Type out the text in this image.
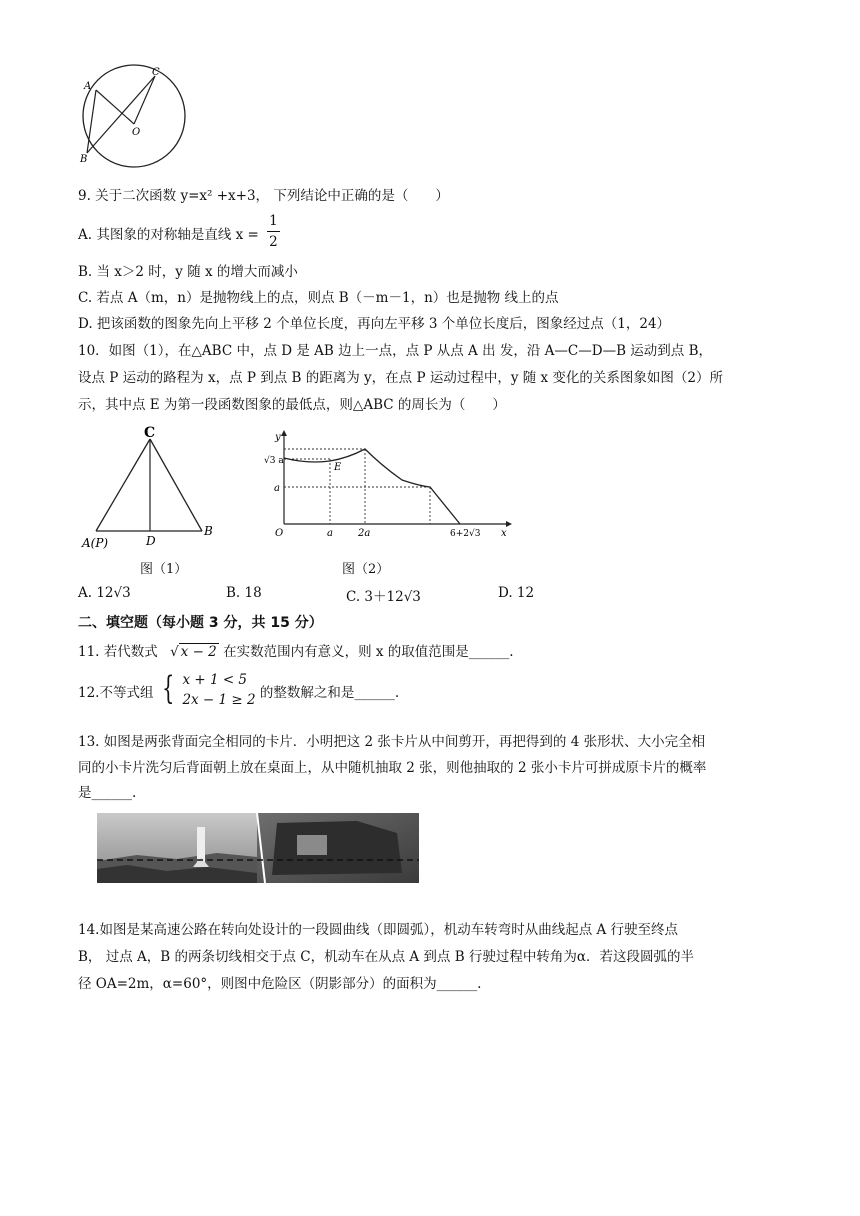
A
B
C
O
9. 关于二次函数 y=x² +x+3， 下列结论中正确的是（　　）
A. 其图象的对称轴是直线 $x = \frac{1}{2}$
B. 当 x＞2 时，y 随 x 的增大而减小
C. 若点 A（m，n）是抛物线上的点，则点 B（－m－1，n）也是抛物 线上的点
D. 把该函数的图象先向上平移 2 个单位长度，再向左平移 3 个单位长度后，图象经过点（1，24）
10．如图（1），在△ABC 中，点 D 是 AB 边上一点，点 P 从点 A 出 发，沿 A—C—D—B 运动到点 B，
设点 P 运动的路程为 x，点 P 到点 B 的距离为 y，在点 P 运动过程中，y 随 x 变化的关系图象如图（2）所
示，其中点 E 为第一段函数图象的最低点，则△ABC 的周长为（　　）
C
D
A(P)
B
图（1）
y
√3 a
E
a
O	a	2a	6+2√3 x
图（2）
A. 12√3	B. 18	C. 3＋12√3	D. 12
二、填空题（每小题 3 分，共 15 分）
11. 若代数式 √ x − 2 在实数范围内有意义，则 x 的取值范围是______.
12.不等式组 { x + 1 < 5
2x − 1 ≥ 2 的整数解之和是______.
13. 如图是两张背面完全相同的卡片．小明把这 2 张卡片从中间剪开，再把得到的 4 张形状、大小完全相
同的小卡片洗匀后背面朝上放在桌面上，从中随机抽取 2 张，则他抽取的 2 张小卡片可拼成原卡片的概率
是______.
14.如图是某高速公路在转向处设计的一段圆曲线（即圆弧），机动车转弯时从曲线起点 A 行驶至终点
B， 过点 A，B 的两条切线相交于点 C，机动车在从点 A 到点 B 行驶过程中转角为α．若这段圆弧的半
径 OA=2m，α=60°，则图中危险区（阴影部分）的面积为______.
